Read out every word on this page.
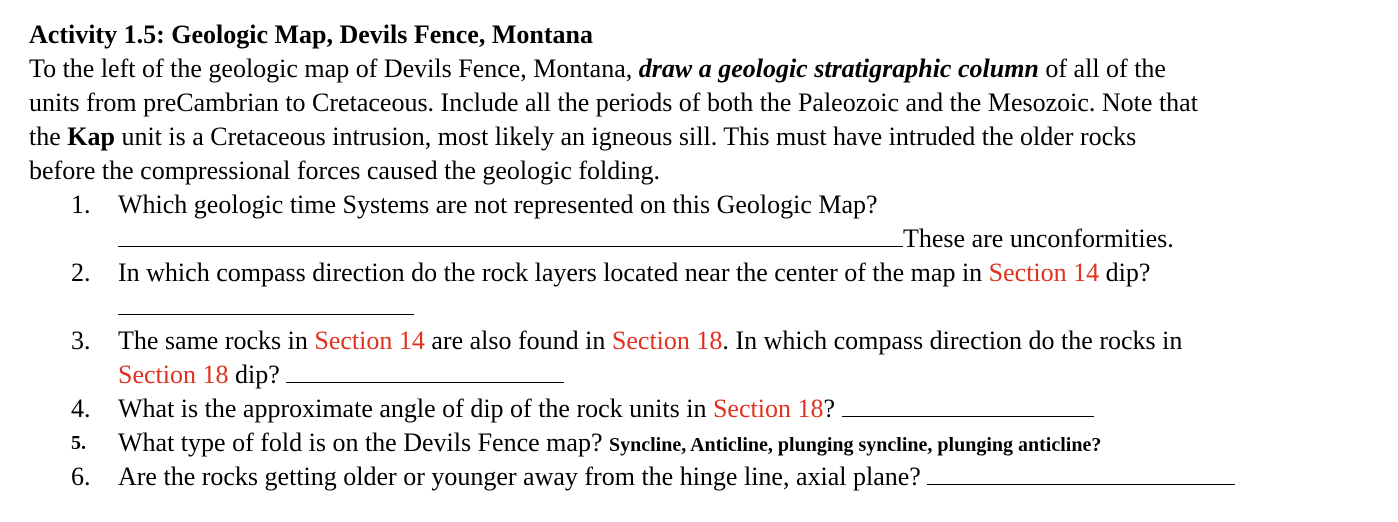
Activity 1.5: Geologic Map, Devils Fence, Montana
To the left of the geologic map of Devils Fence, Montana, draw a geologic stratigraphic column of all of the
units from preCambrian to Cretaceous. Include all the periods of both the Paleozoic and the Mesozoic. Note that
the Kap unit is a Cretaceous intrusion, most likely an igneous sill. This must have intruded the older rocks
before the compressional forces caused the geologic folding.
1. Which geologic time Systems are not represented on this Geologic Map?
These are unconformities.
2. In which compass direction do the rock layers located near the center of the map in Section 14 dip?
3. The same rocks in Section 14 are also found in Section 18. In which compass direction do the rocks in
Section 18 dip?
4. What is the approximate angle of dip of the rock units in Section 18?
5. What type of fold is on the Devils Fence map? Syncline, Anticline, plunging syncline, plunging anticline?
6. Are the rocks getting older or younger away from the hinge line, axial plane?
